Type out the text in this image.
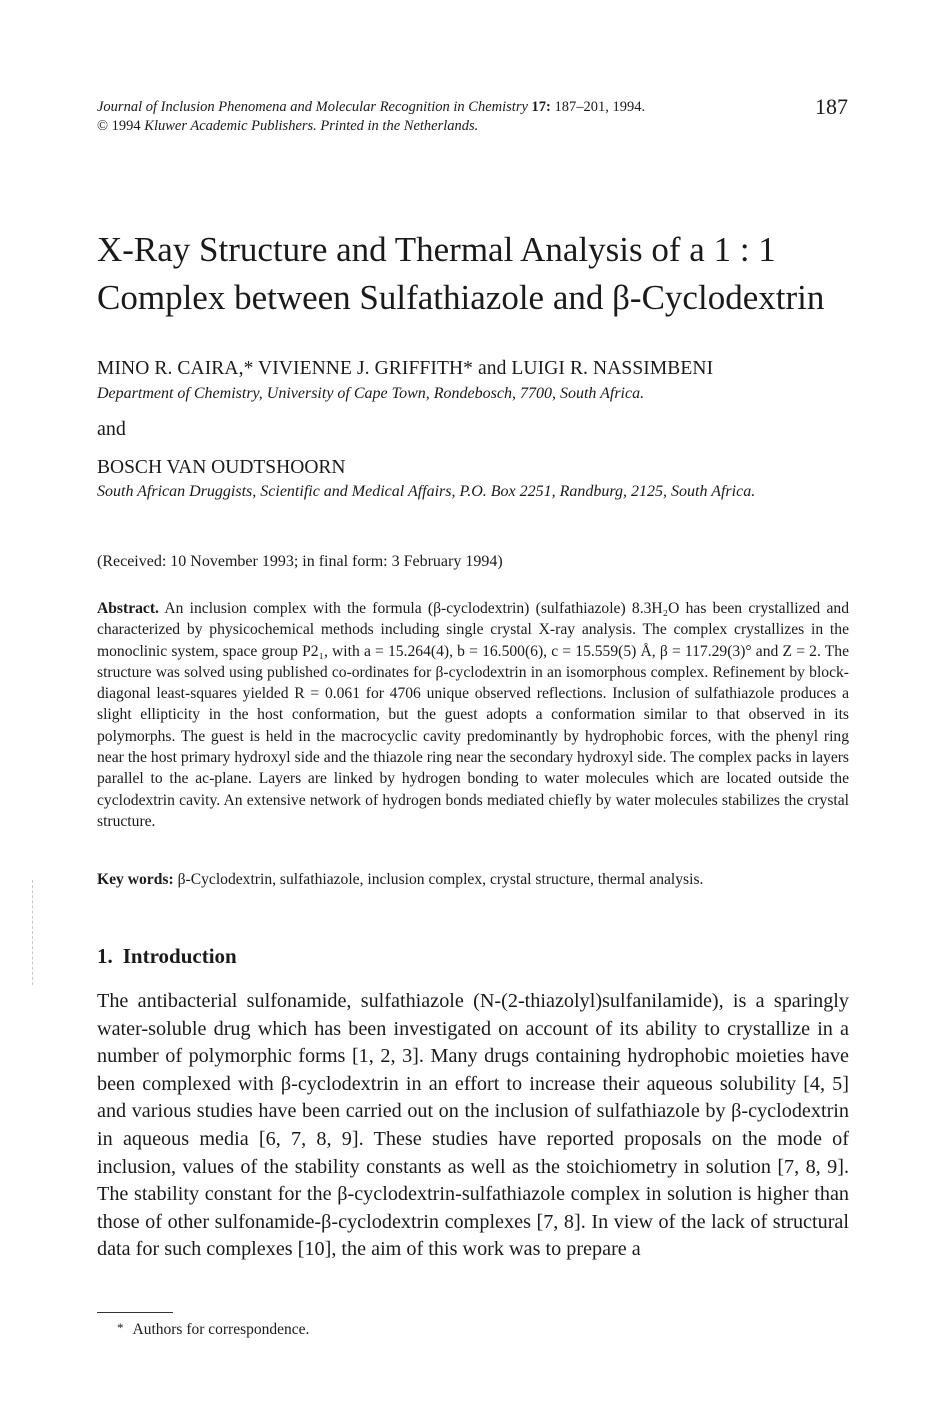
Journal of Inclusion Phenomena and Molecular Recognition in Chemistry 17: 187–201, 1994.
© 1994 Kluwer Academic Publishers. Printed in the Netherlands.
187
X-Ray Structure and Thermal Analysis of a 1 : 1
Complex between Sulfathiazole and β-Cyclodextrin
MINO R. CAIRA,* VIVIENNE J. GRIFFITH* and LUIGI R. NASSIMBENI
Department of Chemistry, University of Cape Town, Rondebosch, 7700, South Africa.
and
BOSCH VAN OUDTSHOORN
South African Druggists, Scientific and Medical Affairs, P.O. Box 2251, Randburg, 2125, South Africa.
(Received: 10 November 1993; in final form: 3 February 1994)
Abstract. An inclusion complex with the formula (β-cyclodextrin) (sulfathiazole) 8.3H₂O has been crystallized and characterized by physicochemical methods including single crystal X-ray analysis. The complex crystallizes in the monoclinic system, space group P2₁, with a = 15.264(4), b = 16.500(6), c = 15.559(5) Å, β = 117.29(3)° and Z = 2. The structure was solved using published co-ordinates for β-cyclodextrin in an isomorphous complex. Refinement by block-diagonal least-squares yielded R = 0.061 for 4706 unique observed reflections. Inclusion of sulfathiazole produces a slight ellipticity in the host conformation, but the guest adopts a conformation similar to that observed in its polymorphs. The guest is held in the macrocyclic cavity predominantly by hydrophobic forces, with the phenyl ring near the host primary hydroxyl side and the thiazole ring near the secondary hydroxyl side. The complex packs in layers parallel to the ac-plane. Layers are linked by hydrogen bonding to water molecules which are located outside the cyclodextrin cavity. An extensive network of hydrogen bonds mediated chiefly by water molecules stabilizes the crystal structure.
Key words: β-Cyclodextrin, sulfathiazole, inclusion complex, crystal structure, thermal analysis.
1. Introduction
The antibacterial sulfonamide, sulfathiazole (N-(2-thiazolyl)sulfanilamide), is a sparingly water-soluble drug which has been investigated on account of its ability to crystallize in a number of polymorphic forms [1, 2, 3]. Many drugs containing hydrophobic moieties have been complexed with β-cyclodextrin in an effort to increase their aqueous solubility [4, 5] and various studies have been carried out on the inclusion of sulfathiazole by β-cyclodextrin in aqueous media [6, 7, 8, 9]. These studies have reported proposals on the mode of inclusion, values of the stability constants as well as the stoichiometry in solution [7, 8, 9]. The stability constant for the β-cyclodextrin-sulfathiazole complex in solution is higher than those of other sulfonamide-β-cyclodextrin complexes [7, 8]. In view of the lack of structural data for such complexes [10], the aim of this work was to prepare a
* Authors for correspondence.
